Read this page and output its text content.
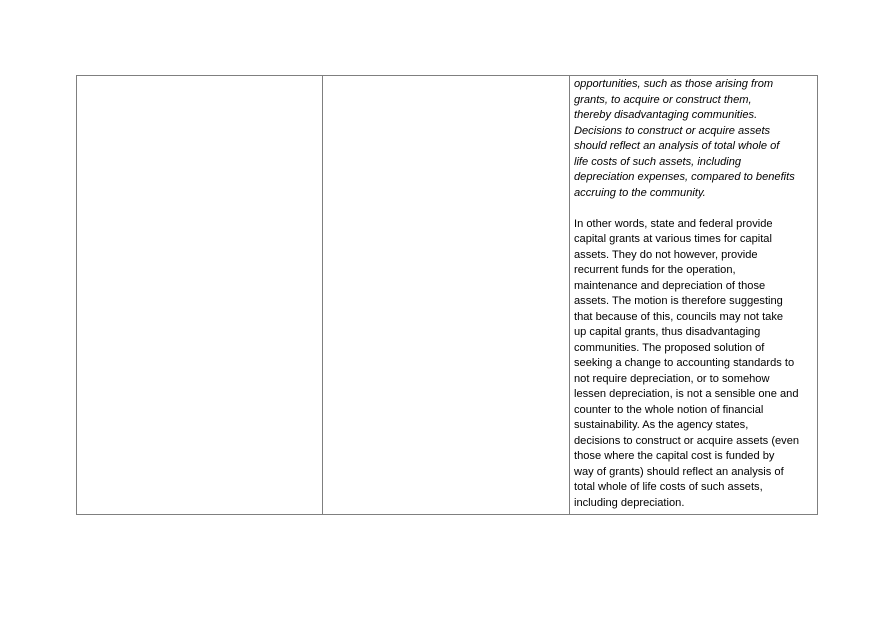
opportunities, such as those arising from

grants, to acquire or construct them,

thereby disadvantaging communities.

Decisions to construct or acquire assets

should reflect an analysis of total whole of

life costs of such assets, including

depreciation expenses, compared to benefits

accruing to the community.

In other words, state and federal provide

capital grants at various times for capital

assets. They do not however, provide

recurrent funds for the operation,

maintenance and depreciation of those

assets. The motion is therefore suggesting

that because of this, councils may not take

up capital grants, thus disadvantaging

communities. The proposed solution of

seeking a change to accounting standards to

not require depreciation, or to somehow

lessen depreciation, is not a sensible one and

counter to the whole notion of financial

sustainability. As the agency states,

decisions to construct or acquire assets (even

those where the capital cost is funded by

way of grants) should reflect an analysis of

total whole of life costs of such assets,

including depreciation.
